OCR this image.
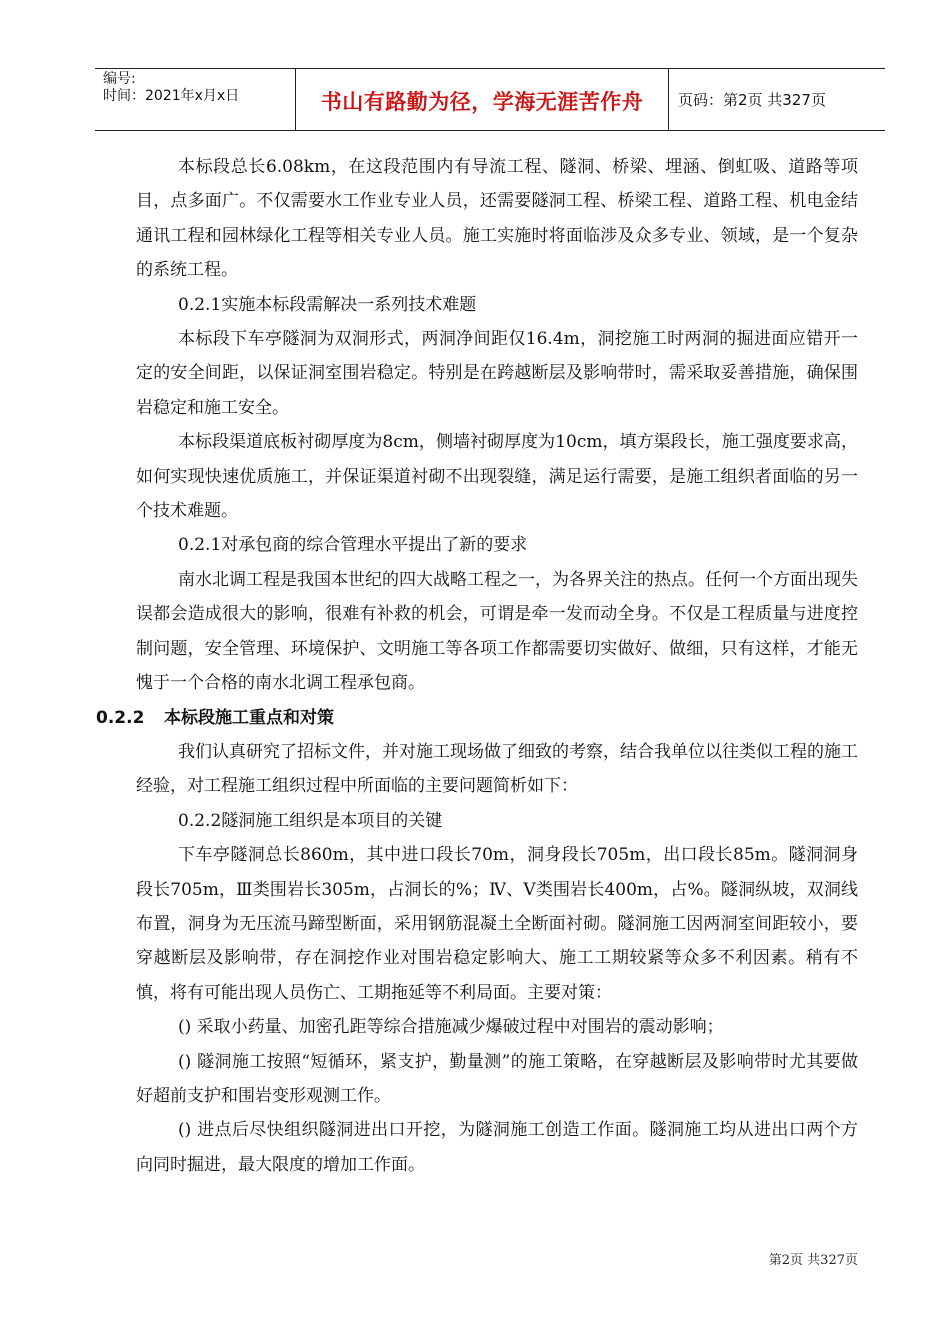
编号:
时间：2021年x月x日	书山有路勤为径，学海无涯苦作舟	页码：第2页 共327页

本标段总长6.08km，在这段范围内有导流工程、隧洞、桥梁、埋涵、倒虹吸、道路等项目，点多面广。不仅需要水工作业专业人员，还需要隧洞工程、桥梁工程、道路工程、机电金结通讯工程和园林绿化工程等相关专业人员。施工实施时将面临涉及众多专业、领域，是一个复杂的系统工程。

0.2.1实施本标段需解决一系列技术难题

本标段下车亭隧洞为双洞形式，两洞净间距仅16.4m，洞挖施工时两洞的掘进面应错开一定的安全间距，以保证洞室围岩稳定。特别是在跨越断层及影响带时，需采取妥善措施，确保围岩稳定和施工安全。

本标段渠道底板衬砌厚度为8cm，侧墙衬砌厚度为10cm，填方渠段长，施工强度要求高，如何实现快速优质施工，并保证渠道衬砌不出现裂缝，满足运行需要，是施工组织者面临的另一个技术难题。

0.2.1对承包商的综合管理水平提出了新的要求

南水北调工程是我国本世纪的四大战略工程之一，为各界关注的热点。任何一个方面出现失误都会造成很大的影响，很难有补救的机会，可谓是牵一发而动全身。不仅是工程质量与进度控制问题，安全管理、环境保护、文明施工等各项工作都需要切实做好、做细，只有这样，才能无愧于一个合格的南水北调工程承包商。

0.2.2 本标段施工重点和对策

我们认真研究了招标文件，并对施工现场做了细致的考察，结合我单位以往类似工程的施工经验，对工程施工组织过程中所面临的主要问题简析如下：

0.2.2隧洞施工组织是本项目的关键

下车亭隧洞总长860m，其中进口段长70m，洞身段长705m，出口段长85m。隧洞洞身段长705m，Ⅲ类围岩长305m，占洞长的%；Ⅳ、Ⅴ类围岩长400m，占%。隧洞纵坡，双洞线布置，洞身为无压流马蹄型断面，采用钢筋混凝土全断面衬砌。隧洞施工因两洞室间距较小，要穿越断层及影响带，存在洞挖作业对围岩稳定影响大、施工工期较紧等众多不利因素。稍有不慎，将有可能出现人员伤亡、工期拖延等不利局面。主要对策：

() 采取小药量、加密孔距等综合措施减少爆破过程中对围岩的震动影响；

() 隧洞施工按照“短循环，紧支护，勤量测”的施工策略，在穿越断层及影响带时尤其要做好超前支护和围岩变形观测工作。

() 进点后尽快组织隧洞进出口开挖，为隧洞施工创造工作面。隧洞施工均从进出口两个方向同时掘进，最大限度的增加工作面。

第2页 共327页
